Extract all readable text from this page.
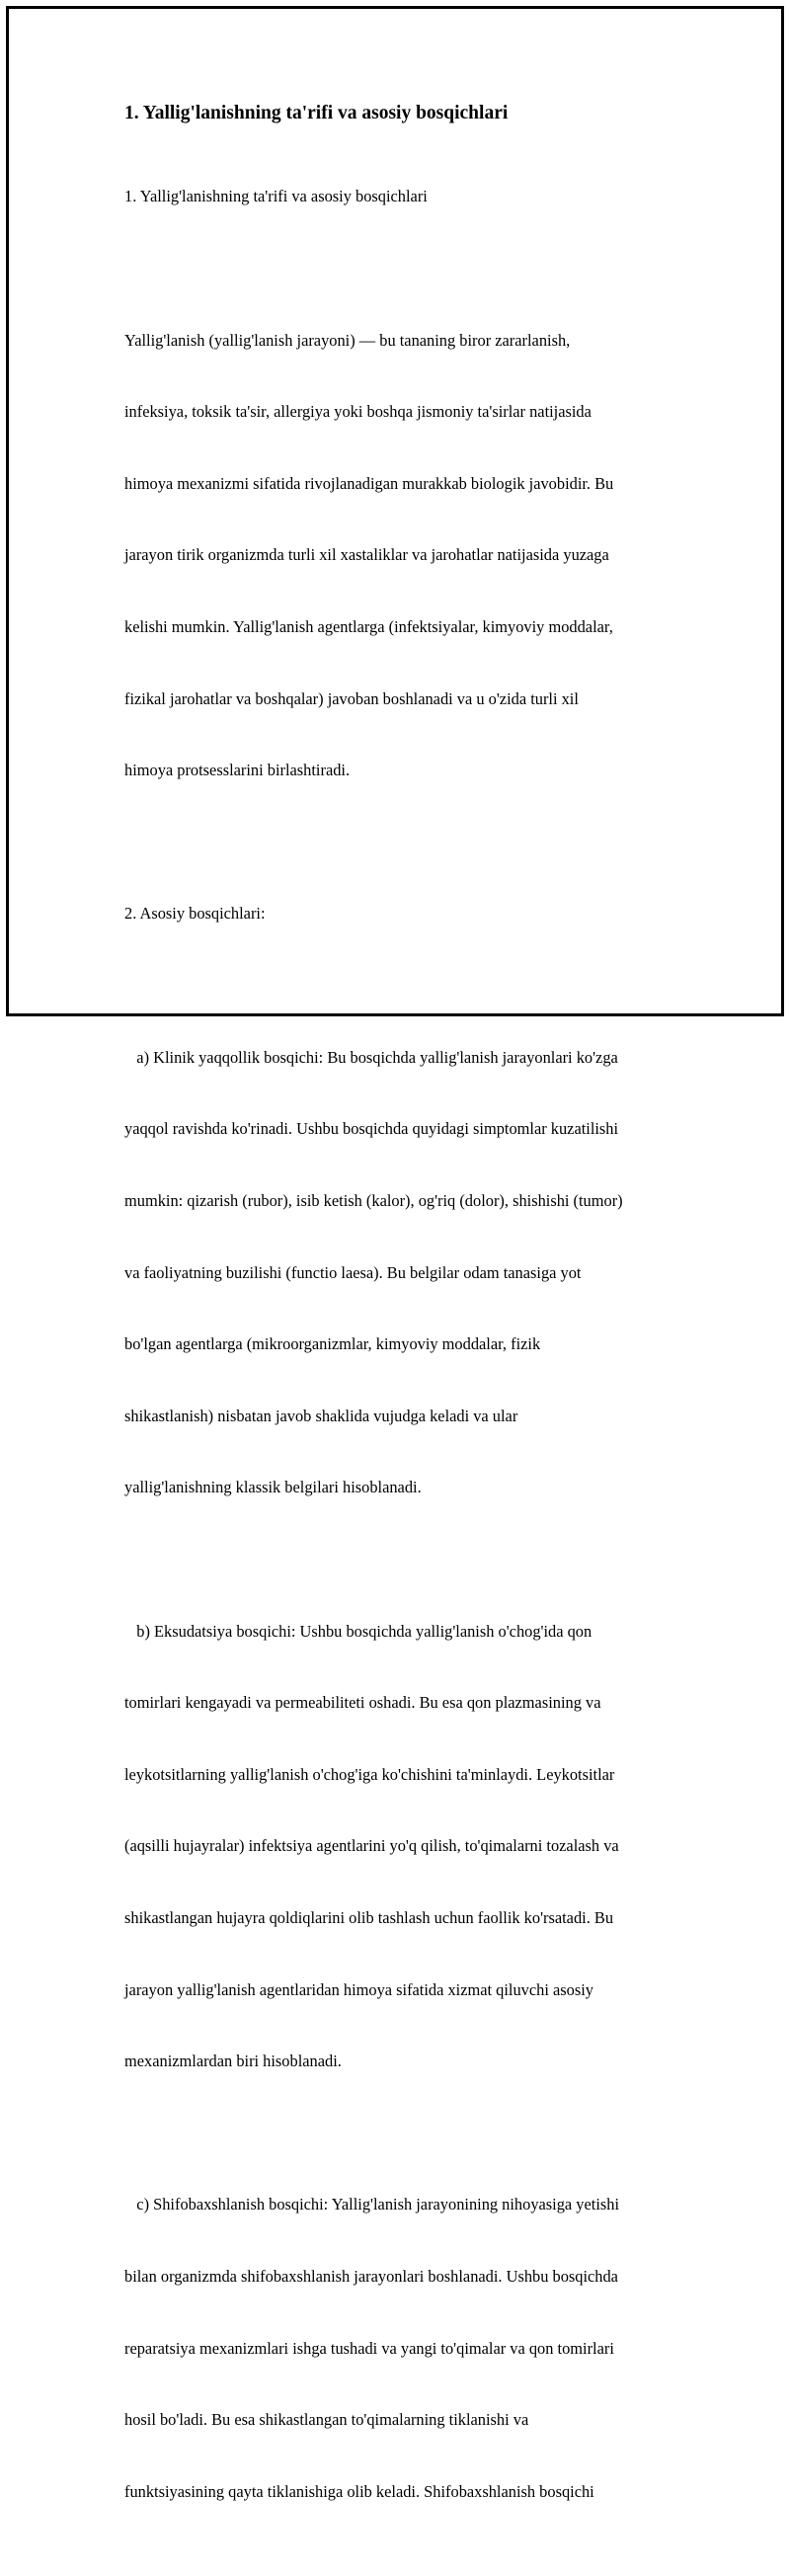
1. Yallig'lanishning ta'rifi va asosiy bosqichlari

1. Yallig'lanishning ta'rifi va asosiy bosqichlari

Yallig'lanish (yallig'lanish jarayoni) — bu tananing biror zararlanish,

infeksiya, toksik ta'sir, allergiya yoki boshqa jismoniy ta'sirlar natijasida

himoya mexanizmi sifatida rivojlanadigan murakkab biologik javobidir. Bu

jarayon tirik organizmda turli xil xastaliklar va jarohatlar natijasida yuzaga

kelishi mumkin. Yallig'lanish agentlarga (infektsiyalar, kimyoviy moddalar,

fizikal jarohatlar va boshqalar) javoban boshlanadi va u o'zida turli xil

himoya protsesslarini birlashtiradi.

2. Asosiy bosqichlari:

a) Klinik yaqqollik bosqichi: Bu bosqichda yallig'lanish jarayonlari ko'zga

yaqqol ravishda ko'rinadi. Ushbu bosqichda quyidagi simptomlar kuzatilishi

mumkin: qizarish (rubor), isib ketish (kalor), og'riq (dolor), shishishi (tumor)

va faoliyatning buzilishi (functio laesa). Bu belgilar odam tanasiga yot

bo'lgan agentlarga (mikroorganizmlar, kimyoviy moddalar, fizik

shikastlanish) nisbatan javob shaklida vujudga keladi va ular

yallig'lanishning klassik belgilari hisoblanadi.

b) Eksudatsiya bosqichi: Ushbu bosqichda yallig'lanish o'chog'ida qon

tomirlari kengayadi va permeabiliteti oshadi. Bu esa qon plazmasining va

leykotsitlarning yallig'lanish o'chog'iga ko'chishini ta'minlaydi. Leykotsitlar

(aqsilli hujayralar) infektsiya agentlarini yo'q qilish, to'qimalarni tozalash va

shikastlangan hujayra qoldiqlarini olib tashlash uchun faollik ko'rsatadi. Bu

jarayon yallig'lanish agentlaridan himoya sifatida xizmat qiluvchi asosiy

mexanizmlardan biri hisoblanadi.

c) Shifobaxshlanish bosqichi: Yallig'lanish jarayonining nihoyasiga yetishi

bilan organizmda shifobaxshlanish jarayonlari boshlanadi. Ushbu bosqichda

reparatsiya mexanizmlari ishga tushadi va yangi to'qimalar va qon tomirlari

hosil bo'ladi. Bu esa shikastlangan to'qimalarning tiklanishi va

funktsiyasining qayta tiklanishiga olib keladi. Shifobaxshlanish bosqichi
